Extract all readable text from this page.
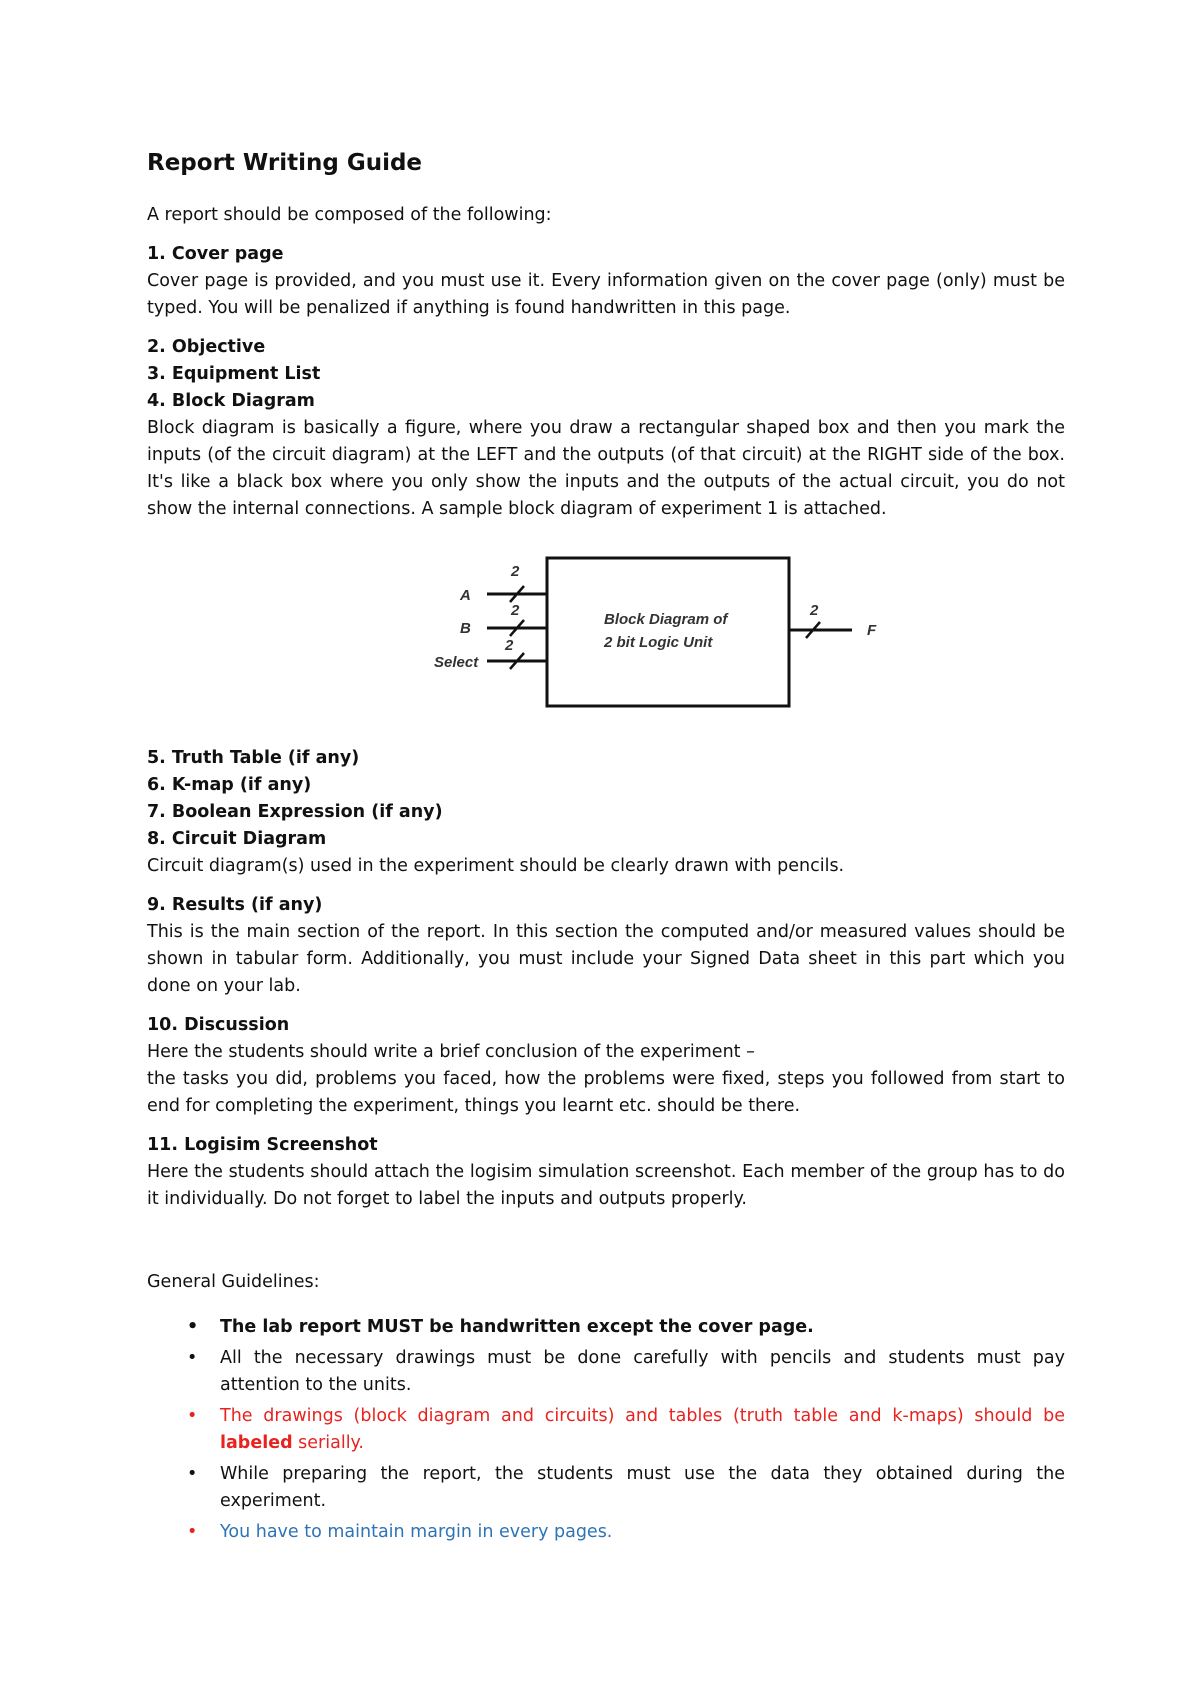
Report Writing Guide
A report should be composed of the following:
1. Cover page
Cover page is provided, and you must use it. Every information given on the cover page (only) must be typed. You will be penalized if anything is found handwritten in this page.
2. Objective
3. Equipment List
4. Block Diagram
Block diagram is basically a figure, where you draw a rectangular shaped box and then you mark the inputs (of the circuit diagram) at the LEFT and the outputs (of that circuit) at the RIGHT side of the box. It's like a black box where you only show the inputs and the outputs of the actual circuit, you do not show the internal connections. A sample block diagram of experiment 1 is attached.
Block Diagram of
2 bit Logic Unit
2
A
2
B
2
Select
2
F
5. Truth Table (if any)
6. K-map (if any)
7. Boolean Expression (if any)
8. Circuit Diagram
Circuit diagram(s) used in the experiment should be clearly drawn with pencils.
9. Results (if any)
This is the main section of the report. In this section the computed and/or measured values should be shown in tabular form. Additionally, you must include your Signed Data sheet in this part which you done on your lab.
10. Discussion
Here the students should write a brief conclusion of the experiment –
the tasks you did, problems you faced, how the problems were fixed, steps you followed from start to end for completing the experiment, things you learnt etc. should be there.
11. Logisim Screenshot
Here the students should attach the logisim simulation screenshot. Each member of the group has to do it individually. Do not forget to label the inputs and outputs properly.
General Guidelines:
• The lab report MUST be handwritten except the cover page.
• All the necessary drawings must be done carefully with pencils and students must pay attention to the units.
• The drawings (block diagram and circuits) and tables (truth table and k-maps) should be labeled serially.
• While preparing the report, the students must use the data they obtained during the experiment.
• You have to maintain margin in every pages.
